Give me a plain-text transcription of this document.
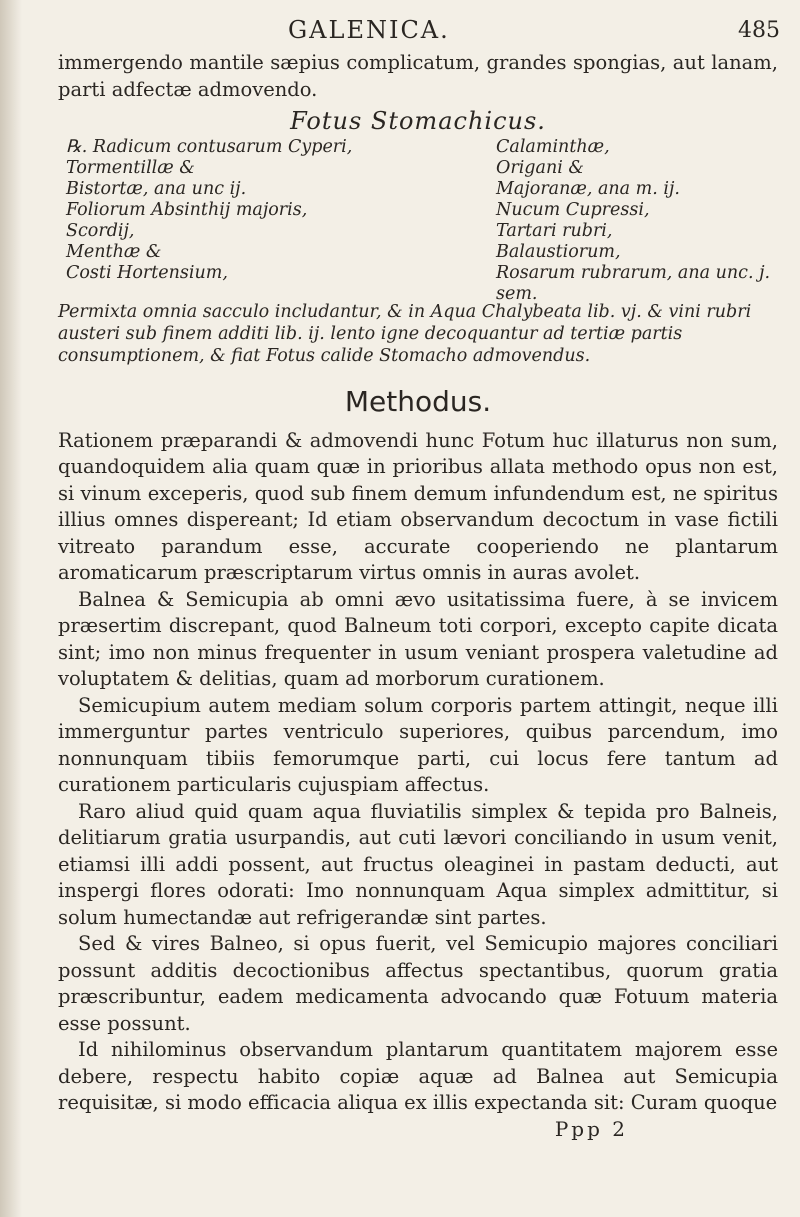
GALENICA.	485

immergendo mantile sæpius complicatum, grandes spongias, aut lanam, parti adfectæ admovendo.

Fotus Stomachicus.
℞. Radicum contusarum Cyperi,
Tormentillæ &
Bistortæ, ana unc ij.
Foliorum Absinthij majoris,
Scordij,
Menthæ &
Costi Hortensium,
Calaminthæ,
Origani &
Majoranæ, ana m. ij.
Nucum Cupressi,
Tartari rubri,
Balaustiorum,
Rosarum rubrarum, ana unc. j. sem.

Permixta omnia sacculo includantur, & in Aqua Chalybeata lib. vj. & vini rubri austeri sub finem additi lib. ij. lento igne decoquantur ad tertiæ partis consumptionem, & fiat Fotus calide Stomacho admovendus.

Methodus.

Rationem præparandi & admovendi hunc Fotum huc illaturus non sum, quandoquidem alia quam quæ in prioribus allata methodo opus non est, si vinum exceperis, quod sub finem demum infundendum est, ne spiritus illius omnes dispereant; Id etiam observandum decoctum in vase fictili vitreato parandum esse, accurate cooperiendo ne plantarum aromaticarum præscriptarum virtus omnis in auras avolet.

Balnea & Semicupia ab omni ævo usitatissima fuere, à se invicem præsertim discrepant, quod Balneum toti corpori, excepto capite dicata sint; imo non minus frequenter in usum veniant prospera valetudine ad voluptatem & delitias, quam ad morborum curationem.

Semicupium autem mediam solum corporis partem attingit, neque illi immerguntur partes ventriculo superiores, quibus parcendum, imo nonnunquam tibiis femorumque parti, cui locus fere tantum ad curationem particularis cujuspiam affectus.

Raro aliud quid quam aqua fluviatilis simplex & tepida pro Balneis, delitiarum gratia usurpandis, aut cuti lævori conciliando in usum venit, etiamsi illi addi possent, aut fructus oleaginei in pastam deducti, aut inspergi flores odorati: Imo nonnunquam Aqua simplex admittitur, si solum humectandæ aut refrigerandæ sint partes.

Sed & vires Balneo, si opus fuerit, vel Semicupio majores conciliari possunt additis decoctionibus affectus spectantibus, quorum gratia præscribuntur, eadem medicamenta advocando quæ Fotuum materia esse possunt.

Id nihilominus observandum plantarum quantitatem majorem esse debere, respectu habito copiæ aquæ ad Balnea aut Semicupia requisitæ, si modo efficacia aliqua ex illis expectanda sit: Curam quoque

Ppp 2
